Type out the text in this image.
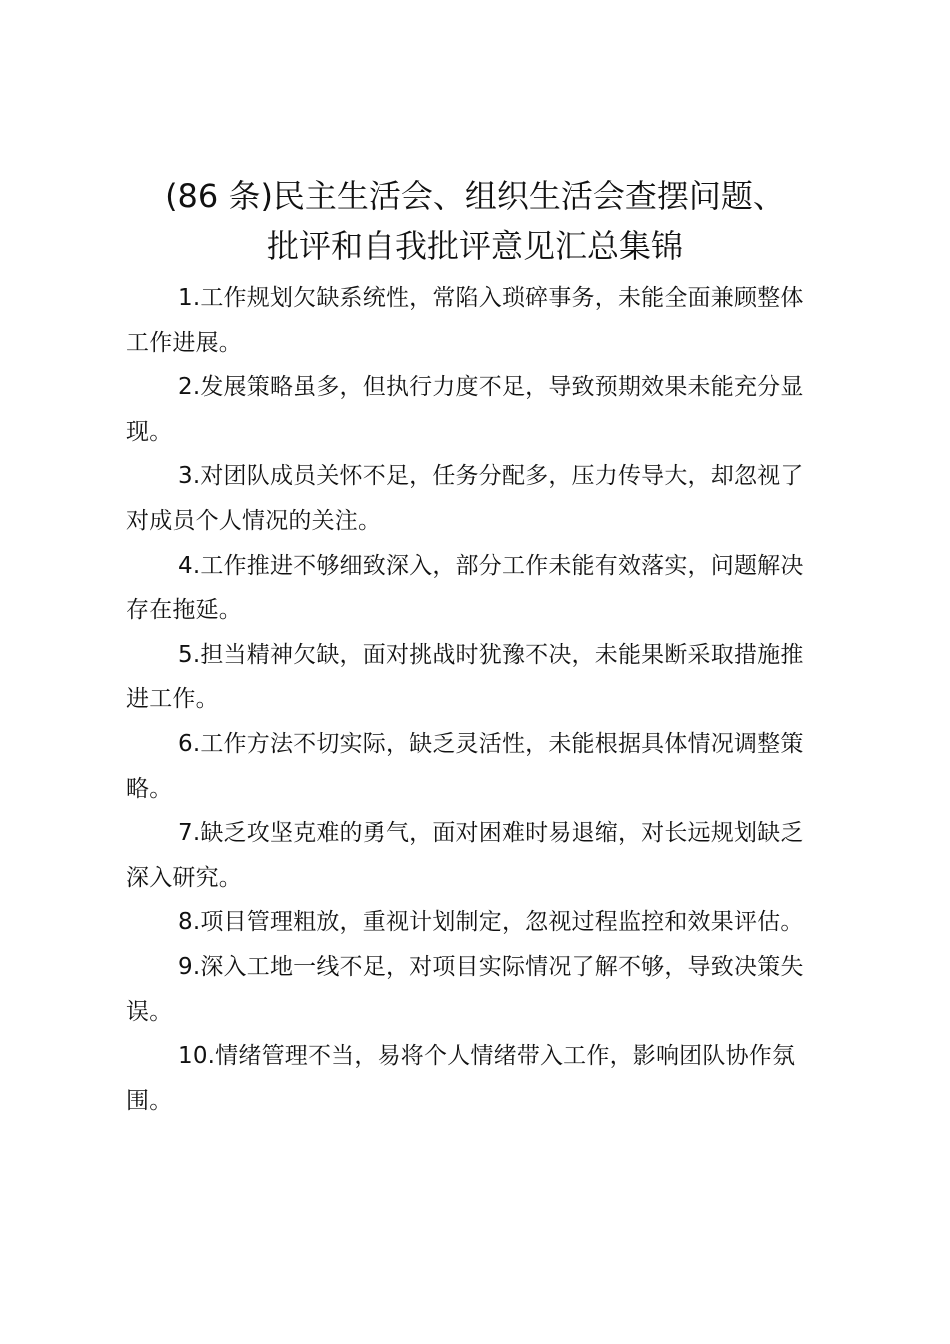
(86 条)民主生活会、组织生活会查摆问题、
批评和自我批评意见汇总集锦

1.工作规划欠缺系统性，常陷入琐碎事务，未能全面兼顾整体工作进展。

2.发展策略虽多，但执行力度不足，导致预期效果未能充分显现。

3.对团队成员关怀不足，任务分配多，压力传导大，却忽视了对成员个人情况的关注。

4.工作推进不够细致深入，部分工作未能有效落实，问题解决存在拖延。

5.担当精神欠缺，面对挑战时犹豫不决，未能果断采取措施推进工作。

6.工作方法不切实际，缺乏灵活性，未能根据具体情况调整策略。

7.缺乏攻坚克难的勇气，面对困难时易退缩，对长远规划缺乏深入研究。

8.项目管理粗放，重视计划制定，忽视过程监控和效果评估。

9.深入工地一线不足，对项目实际情况了解不够，导致决策失误。

10.情绪管理不当，易将个人情绪带入工作，影响团队协作氛围。
